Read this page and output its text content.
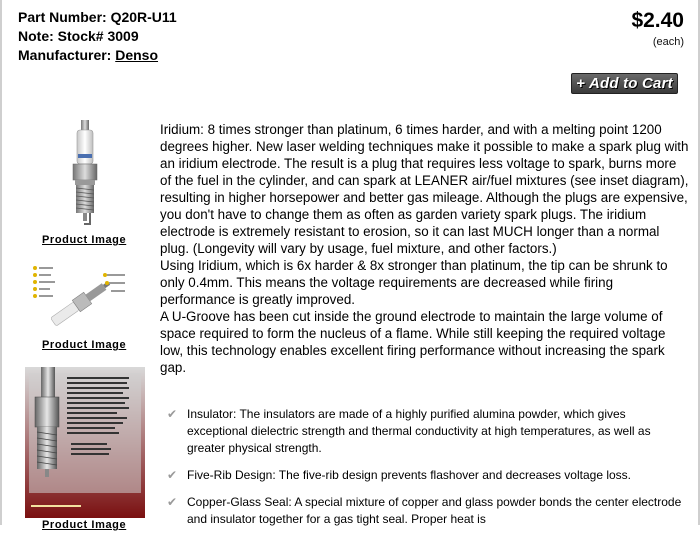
Part Number: Q20R-U11
Note: Stock# 3009
Manufacturer: Denso
$2.40
(each)
+ Add to Cart
Product Image
Product Image
Product Image

Iridium: 8 times stronger than platinum, 6 times harder, and with a melting point 1200 degrees higher. New laser welding techniques make it possible to make a spark plug with an iridium electrode. The result is a plug that requires less voltage to spark, burns more of the fuel in the cylinder, and can spark at LEANER air/fuel mixtures (see inset diagram), resulting in higher horsepower and better gas mileage. Although the plugs are expensive, you don't have to change them as often as garden variety spark plugs. The iridium electrode is extremely resistant to erosion, so it can last MUCH longer than a normal plug. (Longevity will vary by usage, fuel mixture, and other factors.)

Using Iridium, which is 6x harder & 8x stronger than platinum, the tip can be shrunk to only 0.4mm. This means the voltage requirements are decreased while firing performance is greatly improved.

A U-Groove has been cut inside the ground electrode to maintain the large volume of space required to form the nucleus of a flame. While still keeping the required voltage low, this technology enables excellent firing performance without increasing the spark gap.

✔ Insulator: The insulators are made of a highly purified alumina powder, which gives exceptional dielectric strength and thermal conductivity at high temperatures, as well as greater physical strength.
✔ Five-Rib Design: The five-rib design prevents flashover and decreases voltage loss.
✔ Copper-Glass Seal: A special mixture of copper and glass powder bonds the center electrode and insulator together for a gas tight seal. Proper heat is
